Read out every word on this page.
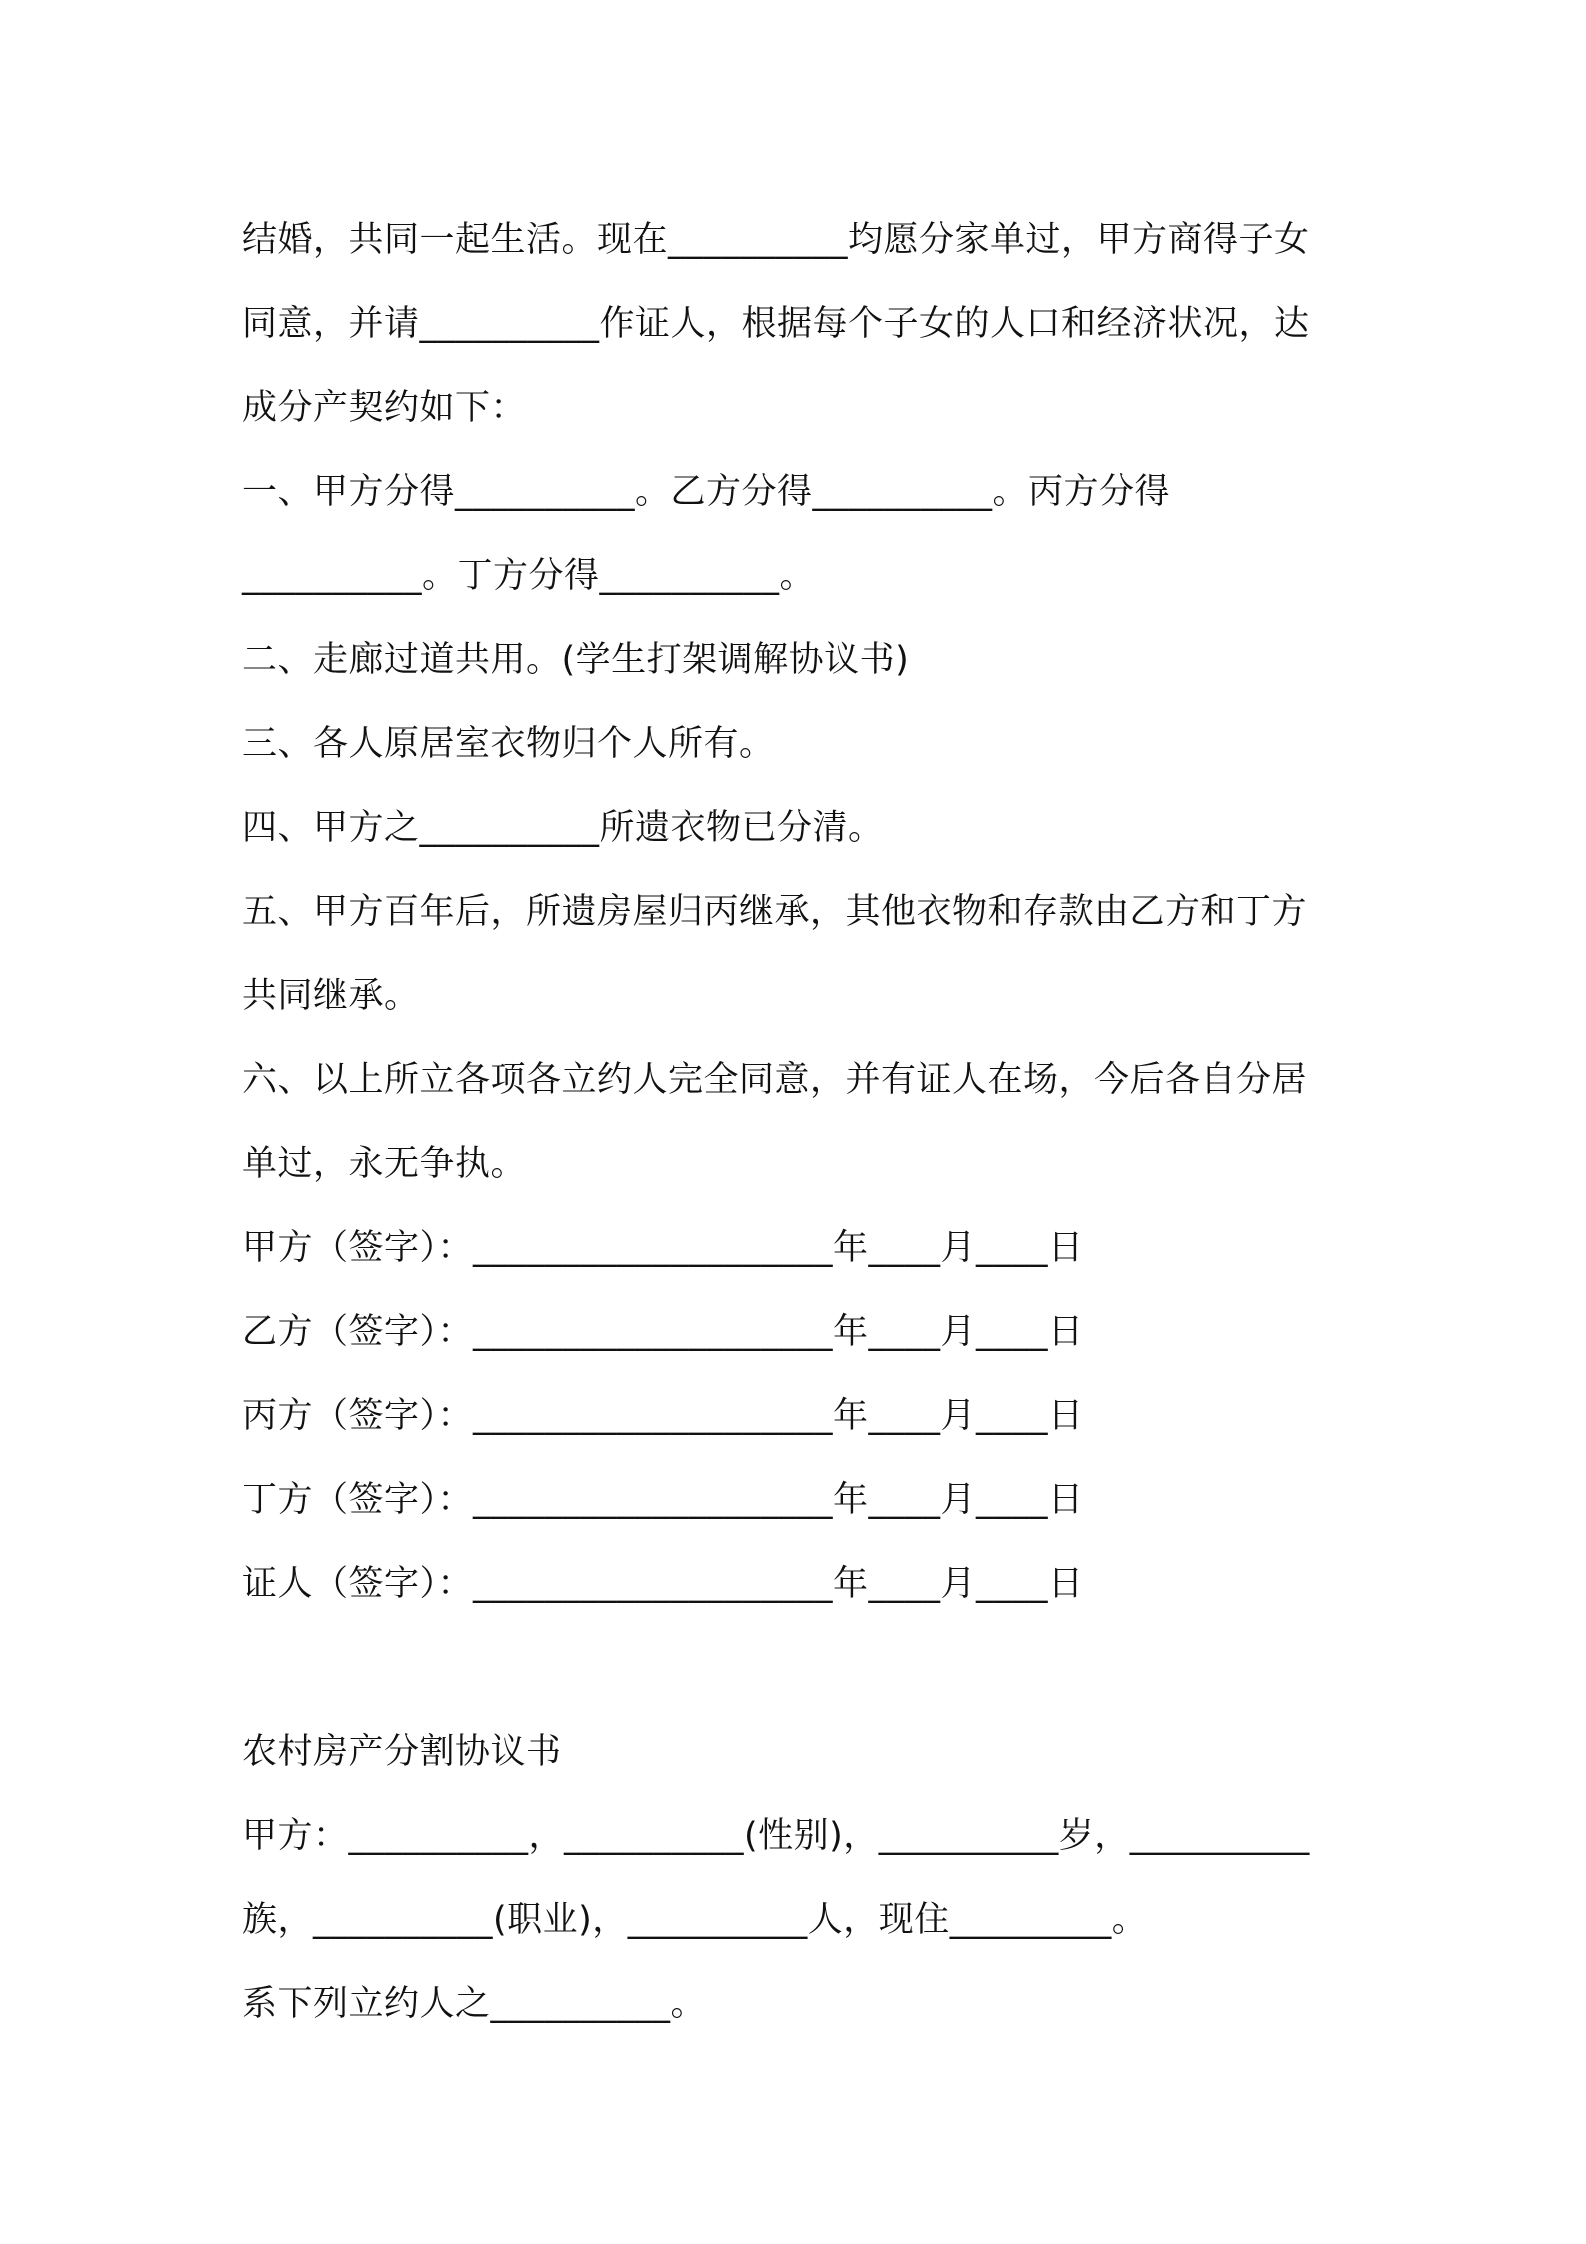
结婚，共同一起生活。现在__________均愿分家单过，甲方商得子女
同意，并请__________作证人，根据每个子女的人口和经济状况，达
成分产契约如下：
一、甲方分得__________。乙方分得__________。丙方分得
__________。丁方分得__________。
二、走廊过道共用。(学生打架调解协议书)
三、各人原居室衣物归个人所有。
四、甲方之__________所遗衣物已分清。
五、甲方百年后，所遗房屋归丙继承，其他衣物和存款由乙方和丁方
共同继承。
六、以上所立各项各立约人完全同意，并有证人在场，今后各自分居
单过，永无争执。
甲方（签字）：____________________年____月____日
乙方（签字）：____________________年____月____日
丙方（签字）：____________________年____月____日
丁方（签字）：____________________年____月____日
证人（签字）：____________________年____月____日
农村房产分割协议书
甲方：__________，__________(性别)，__________岁，__________
族，__________(职业)，__________人，现住_________。
系下列立约人之__________。
